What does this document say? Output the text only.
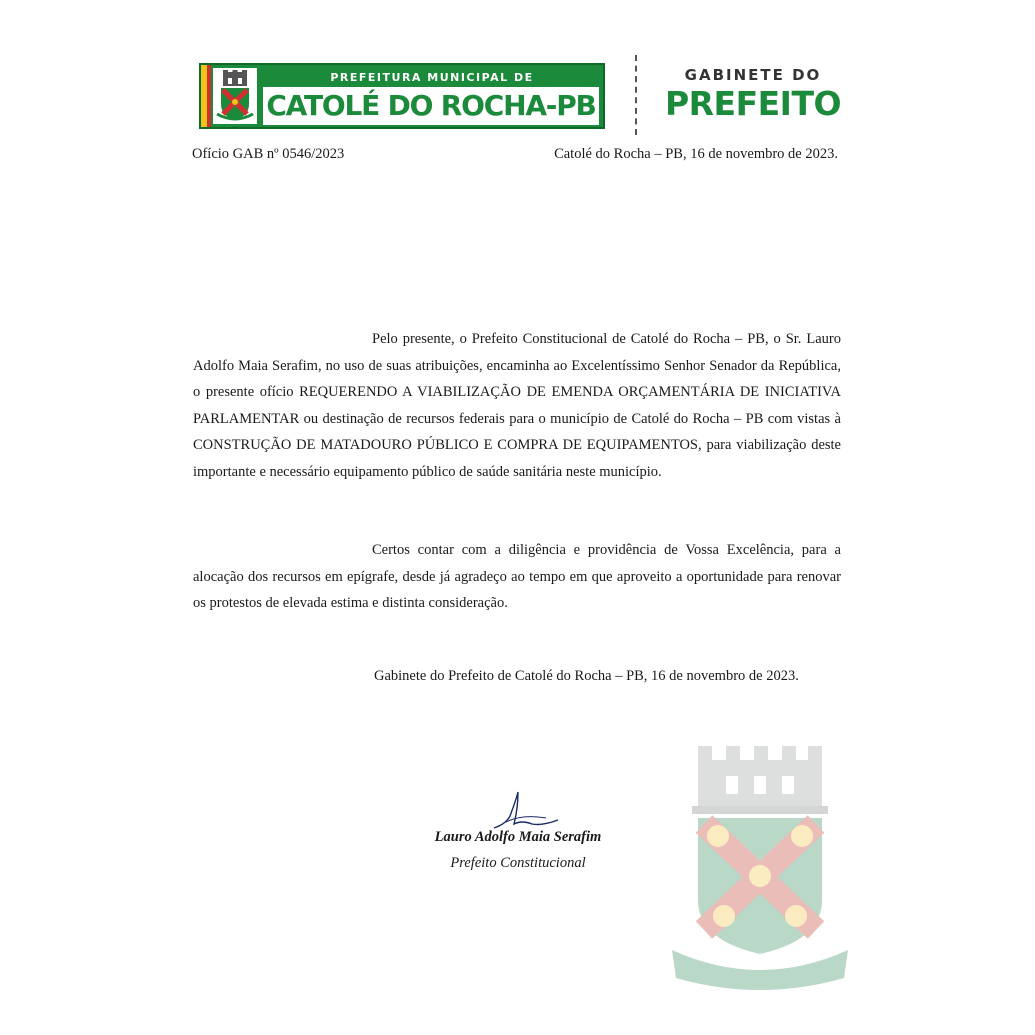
PREFEITURA MUNICIPAL DE
CATOLÉ DO ROCHA-PB
GABINETE DO
PREFEITO
Ofício GAB nº 0546/2023	Catolé do Rocha – PB, 16 de novembro de 2023.
Pelo presente, o Prefeito Constitucional de Catolé do Rocha – PB, o Sr. Lauro Adolfo Maia Serafim, no uso de suas atribuições, encaminha ao Excelentíssimo Senhor Senador da República, o presente ofício REQUERENDO A VIABILIZAÇÃO DE EMENDA ORÇAMENTÁRIA DE INICIATIVA PARLAMENTAR ou destinação de recursos federais para o município de Catolé do Rocha – PB com vistas à CONSTRUÇÃO DE MATADOURO PÚBLICO E COMPRA DE EQUIPAMENTOS, para viabilização deste importante e necessário equipamento público de saúde sanitária neste município.
Certos contar com a diligência e providência de Vossa Excelência, para a alocação dos recursos em epígrafe, desde já agradeço ao tempo em que aproveito a oportunidade para renovar os protestos de elevada estima e distinta consideração.
Gabinete do Prefeito de Catolé do Rocha – PB, 16 de novembro de 2023.
Lauro Adolfo Maia Serafim
Prefeito Constitucional
